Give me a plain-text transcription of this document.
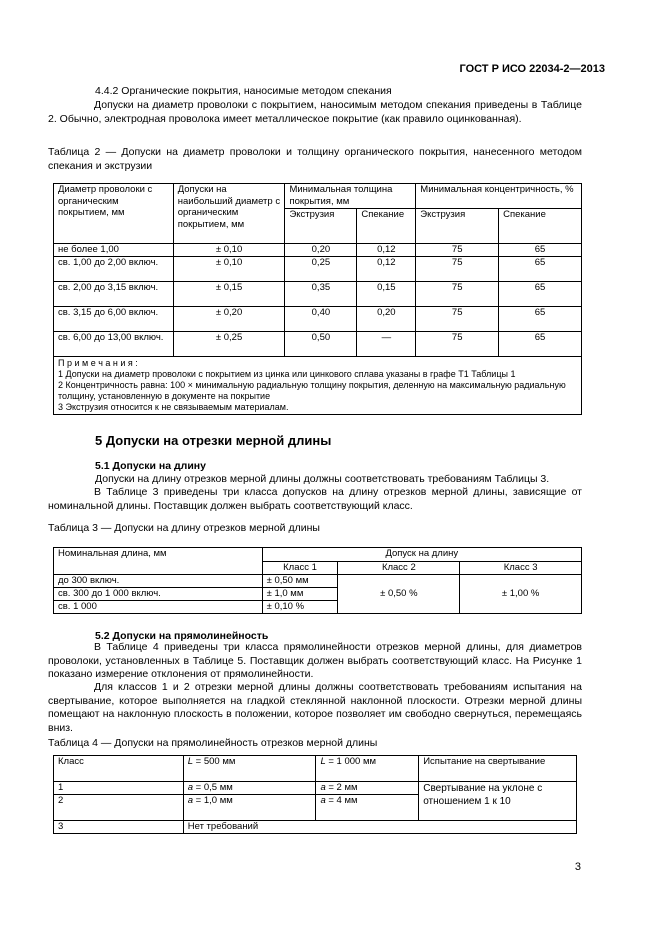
ГОСТ Р ИСО 22034-2—2013
4.4.2 Органические покрытия, наносимые методом спекания
Допуски на диаметр проволоки с покрытием, наносимым методом спекания приведены в Таблице 2. Обычно, электродная проволока имеет металлическое покрытие (как правило оцинкованная).
Таблица 2 — Допуски на диаметр проволоки и толщину органического покрытия, нанесенного методом спекания и экструзии
Диаметр проволоки с органическим покрытием, мм	Допуски на наибольший диаметр с органическим покрытием, мм	Минимальная толщина покрытия, мм		Минимальная концентричность, %	
		Экструзия	Спекание	Экструзия	Спекание
не более 1,00	± 0,10	0,20	0,12	75	65
св. 1,00 до 2,00 включ.	± 0,10	0,25	0,12	75	65
св. 2,00 до 3,15 включ.	± 0,15	0,35	0,15	75	65
св. 3,15 до 6,00 включ.	± 0,20	0,40	0,20	75	65
св. 6,00 до 13,00 включ.	± 0,25	0,50	—	75	65

П р и м е ч а н и я :
1 Допуски на диаметр проволоки с покрытием из цинка или цинкового сплава указаны в графе Т1 Таблицы 1
2 Концентричность равна: 100 × минимальную радиальную толщину покрытия, деленную на максимальную радиальную толщину, установленную в документе на покрытие
3 Экструзия относится к не связываемым материалам.					
5 Допуски на отрезки мерной длины
5.1 Допуски на длину
Допуски на длину отрезков мерной длины должны соответствовать требованиям Таблицы 3.
В Таблице 3 приведены три класса допусков на длину отрезков мерной длины, зависящие от номинальной длины. Поставщик должен выбрать соответствующий класс.
Таблица 3 — Допуски на длину отрезков мерной длины
Номинальная длина, мм	Допуск на длину		
	Класс 1	Класс 2	Класс 3
до 300 включ.	± 0,50 мм	± 0,50 %	± 1,00 %
св. 300 до 1 000 включ.	± 1,0 мм		
св. 1 000	± 0,10 %		
5.2 Допуски на прямолинейность
В Таблице 4 приведены три класса прямолинейности отрезков мерной длины, для диаметров проволоки, установленных в Таблице 5. Поставщик должен выбрать соответствующий класс. На Рисунке 1 показано измерение отклонения от прямолинейности.
Для классов 1 и 2 отрезки мерной длины должны соответствовать требованиям испытания на свертывание, которое выполняется на гладкой стеклянной наклонной плоскости. Отрезки мерной длины помещают на наклонную плоскость в положении, которое позволяет им свободно свернуться, перемещаясь вниз.
Таблица 4 — Допуски на прямолинейность отрезков мерной длины
Класс	L = 500 мм	L = 1 000 мм	Испытание на свертывание
1	a = 0,5 мм	a = 2 мм	Свертывание на уклоне с отношением 1 к 10
2	a = 1,0 мм	a = 4 мм	
3	Нет требований		
3
